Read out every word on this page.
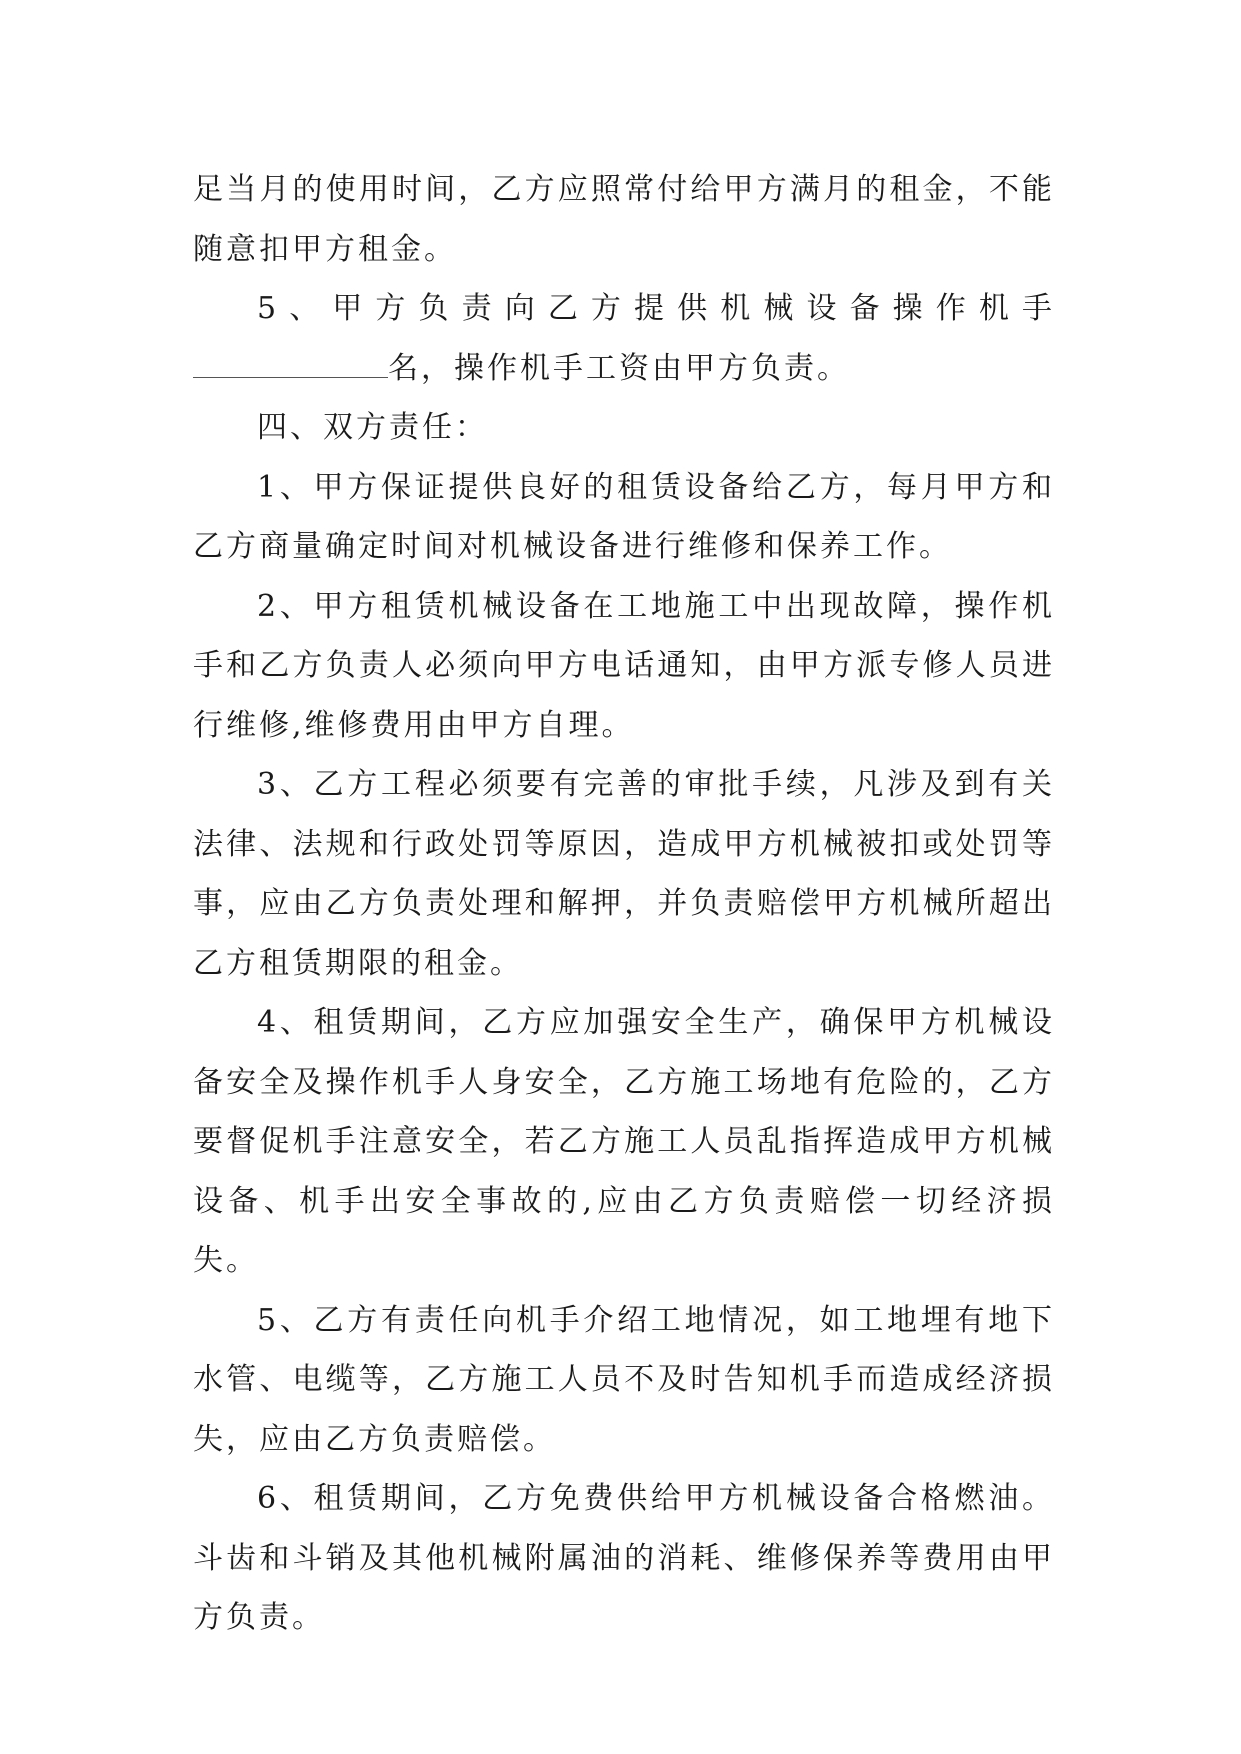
足当月的使用时间，乙方应照常付给甲方满月的租金，不能随意扣甲方租金。

5、甲方负责向乙方提供机械设备操作机手名，操作机手工资由甲方负责。

四、双方责任：

1、甲方保证提供良好的租赁设备给乙方，每月甲方和乙方商量确定时间对机械设备进行维修和保养工作。

2、甲方租赁机械设备在工地施工中出现故障，操作机手和乙方负责人必须向甲方电话通知，由甲方派专修人员进行维修,维修费用由甲方自理。

3、乙方工程必须要有完善的审批手续，凡涉及到有关法律、法规和行政处罚等原因，造成甲方机械被扣或处罚等事，应由乙方负责处理和解押，并负责赔偿甲方机械所超出乙方租赁期限的租金。

4、租赁期间，乙方应加强安全生产，确保甲方机械设备安全及操作机手人身安全，乙方施工场地有危险的，乙方要督促机手注意安全，若乙方施工人员乱指挥造成甲方机械设备、机手出安全事故的,应由乙方负责赔偿一切经济损失。

5、乙方有责任向机手介绍工地情况，如工地埋有地下水管、电缆等，乙方施工人员不及时告知机手而造成经济损失，应由乙方负责赔偿。

6、租赁期间，乙方免费供给甲方机械设备合格燃油。斗齿和斗销及其他机械附属油的消耗、维修保养等费用由甲方负责。
